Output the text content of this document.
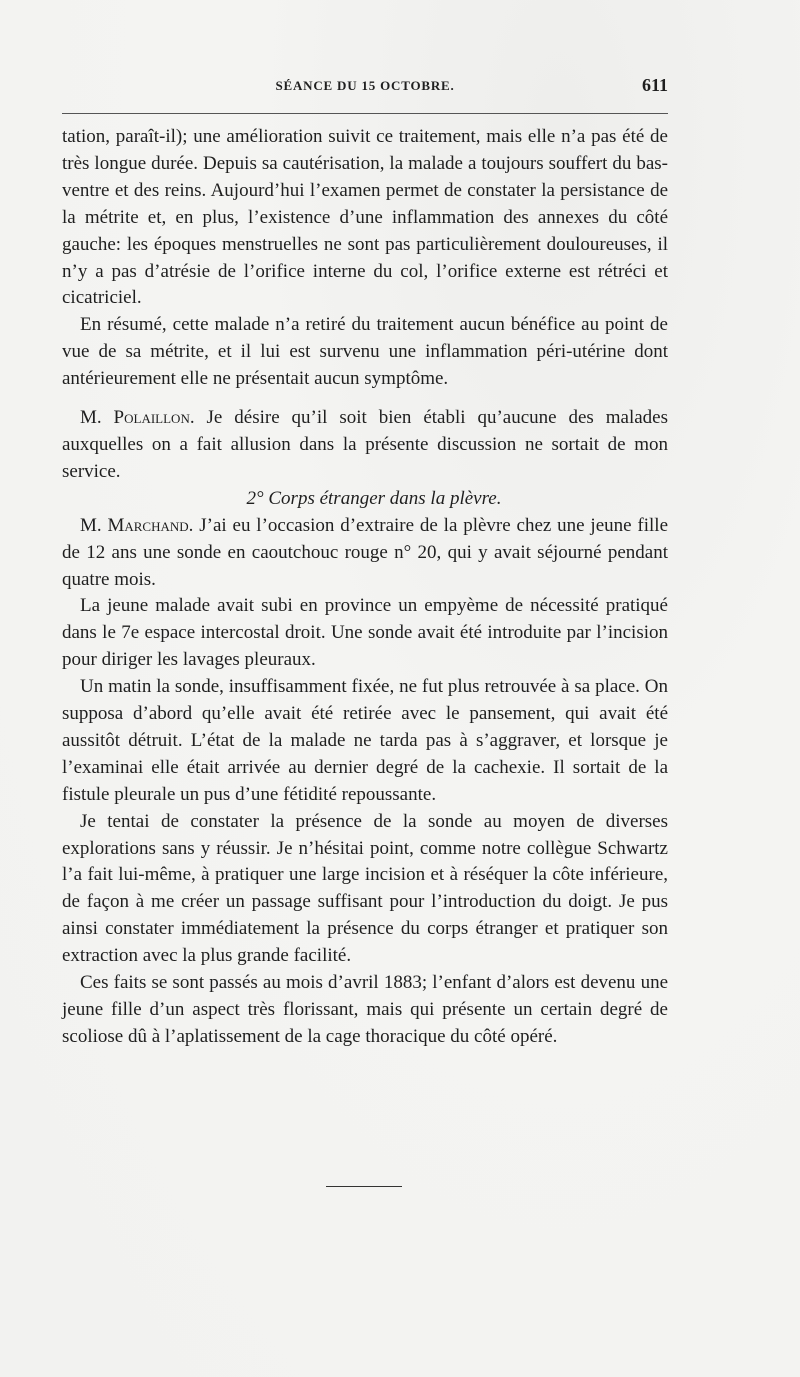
SÉANCE DU 15 OCTOBRE.	611

tation, paraît-il); une amélioration suivit ce traitement, mais elle n’a pas été de très longue durée. Depuis sa cautérisation, la malade a toujours souffert du bas-ventre et des reins. Aujourd’hui l’examen permet de constater la persistance de la métrite et, en plus, l’existence d’une inflammation des annexes du côté gauche: les époques menstruelles ne sont pas particulièrement douloureuses, il n’y a pas d’atrésie de l’orifice interne du col, l’orifice externe est rétréci et cicatriciel.

En résumé, cette malade n’a retiré du traitement aucun bénéfice au point de vue de sa métrite, et il lui est survenu une inflammation péri-utérine dont antérieurement elle ne présentait aucun symptôme.

M. Polaillon. Je désire qu’il soit bien établi qu’aucune des malades auxquelles on a fait allusion dans la présente discussion ne sortait de mon service.

2° Corps étranger dans la plèvre.

M. Marchand. J’ai eu l’occasion d’extraire de la plèvre chez une jeune fille de 12 ans une sonde en caoutchouc rouge n° 20, qui y avait séjourné pendant quatre mois.

La jeune malade avait subi en province un empyème de nécessité pratiqué dans le 7e espace intercostal droit. Une sonde avait été introduite par l’incision pour diriger les lavages pleuraux.

Un matin la sonde, insuffisamment fixée, ne fut plus retrouvée à sa place. On supposa d’abord qu’elle avait été retirée avec le pansement, qui avait été aussitôt détruit. L’état de la malade ne tarda pas à s’aggraver, et lorsque je l’examinai elle était arrivée au dernier degré de la cachexie. Il sortait de la fistule pleurale un pus d’une fétidité repoussante.

Je tentai de constater la présence de la sonde au moyen de diverses explorations sans y réussir. Je n’hésitai point, comme notre collègue Schwartz l’a fait lui-même, à pratiquer une large incision et à réséquer la côte inférieure, de façon à me créer un passage suffisant pour l’introduction du doigt. Je pus ainsi constater immédiatement la présence du corps étranger et pratiquer son extraction avec la plus grande facilité.

Ces faits se sont passés au mois d’avril 1883; l’enfant d’alors est devenu une jeune fille d’un aspect très florissant, mais qui présente un certain degré de scoliose dû à l’aplatissement de la cage thoracique du côté opéré.
